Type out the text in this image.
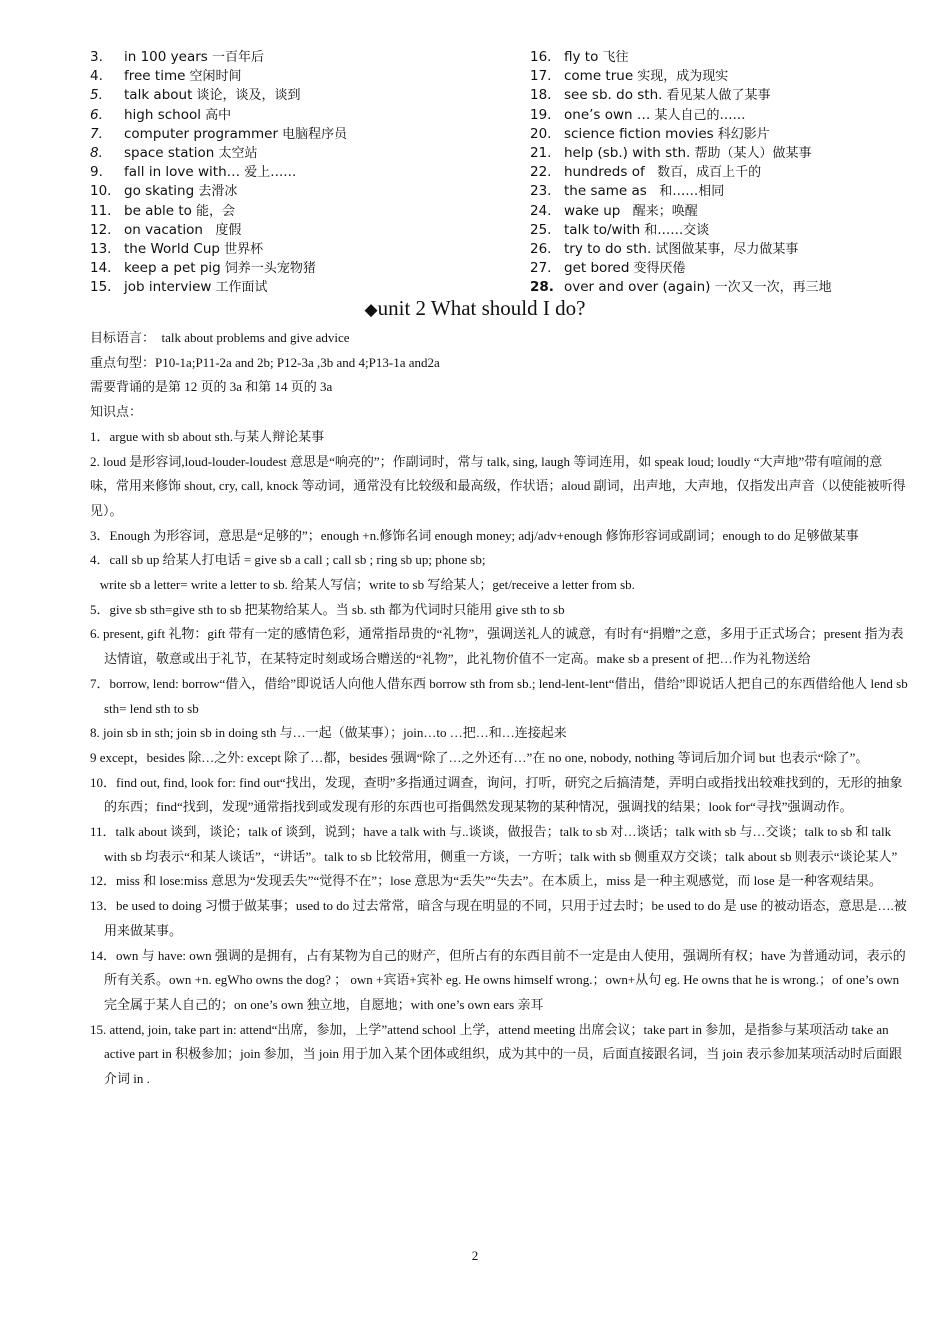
3. in 100 years 一百年后
4. free time 空闲时间
5. talk about 谈论，谈及，谈到
6. high school 高中
7. computer programmer 电脑程序员
8. space station 太空站
9. fall in love with… 爱上……
10. go skating 去滑冰
11. be able to 能，会
12. on vacation   度假
13. the World Cup 世界杯
14. keep a pet pig 饲养一头宠物猪
15. job interview 工作面试
16. fly to 飞往
17. come true 实现，成为现实
18. see sb. do sth. 看见某人做了某事
19. one’s own … 某人自己的……
20. science fiction movies 科幻影片
21. help (sb.) with sth. 帮助（某人）做某事
22. hundreds of   数百，成百上千的
23. the same as   和……相同
24. wake up   醒来；唤醒
25. talk to/with 和……交谈
26. try to do sth. 试图做某事，尽力做某事
27. get bored 变得厌倦
28. over and over (again) 一次又一次，再三地
◆unit 2 What should I do?

目标语言：  talk about problems and give advice

重点句型：P10-1a;P11-2a and 2b; P12-3a ,3b and 4;P13-1a and2a

需要背诵的是第 12 页的 3a 和第 14 页的 3a

知识点：

1．argue with sb about sth.与某人辩论某事

2. loud 是形容词,loud-louder-loudest 意思是“响亮的”；作副词时，常与 talk, sing, laugh 等词连用，如 speak loud; loudly “大声地”带有喧闹的意味，常用来修饰 shout, cry, call, knock 等动词，通常没有比较级和最高级，作状语；aloud 副词，出声地，大声地，仅指发出声音（以使能被听得见）。

3．Enough 为形容词，意思是“足够的”；enough +n.修饰名词 enough money; adj/adv+enough 修饰形容词或副词；enough to do 足够做某事

4．call sb up 给某人打电话 = give sb a call ; call sb ; ring sb up; phone sb;

write sb a letter= write a letter to sb. 给某人写信；write to sb 写给某人；get/receive a letter from sb.

5．give sb sth=give sth to sb 把某物给某人。当 sb. sth 都为代词时只能用 give sth to sb

6. present, gift 礼物：gift 带有一定的感情色彩，通常指昂贵的“礼物”，强调送礼人的诚意，有时有“捐赠”之意，多用于正式场合；present 指为表达情谊，敬意或出于礼节，在某特定时刻或场合赠送的“礼物”，此礼物价值不一定高。make sb a present of 把…作为礼物送给

7．borrow, lend: borrow“借入，借给”即说话人向他人借东西 borrow sth from sb.; lend-lent-lent“借出，借给”即说话人把自己的东西借给他人 lend sb sth= lend sth to sb

8. join sb in sth; join sb in doing sth 与…一起（做某事）；join…to …把…和…连接起来

9 except，besides 除…之外: except 除了…都，besides 强调“除了…之外还有…”在 no one, nobody, nothing 等词后加介词 but 也表示“除了”。

10．find out, find, look for: find out“找出，发现，查明”多指通过调查，询问，打听，研究之后搞清楚，弄明白或指找出较难找到的，无形的抽象的东西；find“找到，发现”通常指找到或发现有形的东西也可指偶然发现某物的某种情况，强调找的结果；look for“寻找”强调动作。

11．talk about 谈到，谈论；talk of 谈到，说到；have a talk with 与..谈谈，做报告；talk to sb 对…谈话；talk with sb 与…交谈；talk to sb 和 talk with sb 均表示“和某人谈话”，“讲话”。talk to sb 比较常用，侧重一方谈，一方听；talk with sb 侧重双方交谈；talk about sb 则表示“谈论某人”

12．miss 和 lose:miss 意思为“发现丢失”“觉得不在”；lose 意思为“丢失”“失去”。在本质上，miss 是一种主观感觉，而 lose 是一种客观结果。

13．be used to doing 习惯于做某事；used to do 过去常常，暗含与现在明显的不同，只用于过去时；be used to do 是 use 的被动语态，意思是….被用来做某事。

14．own 与 have: own 强调的是拥有，占有某物为自己的财产，但所占有的东西目前不一定是由人使用，强调所有权；have 为普通动词，表示的所有关系。own +n. egWho owns the dog? ； own +宾语+宾补 eg. He owns himself wrong.；own+从句 eg. He owns that he is wrong.；of one’s own 完全属于某人自己的；on one’s own 独立地，自愿地；with one’s own ears 亲耳

15. attend, join, take part in: attend“出席，参加，上学”attend school 上学，attend meeting 出席会议；take part in 参加，是指参与某项活动 take an active part in 积极参加；join 参加，当 join 用于加入某个团体或组织，成为其中的一员，后面直接跟名词，当 join 表示参加某项活动时后面跟介词 in .

2
